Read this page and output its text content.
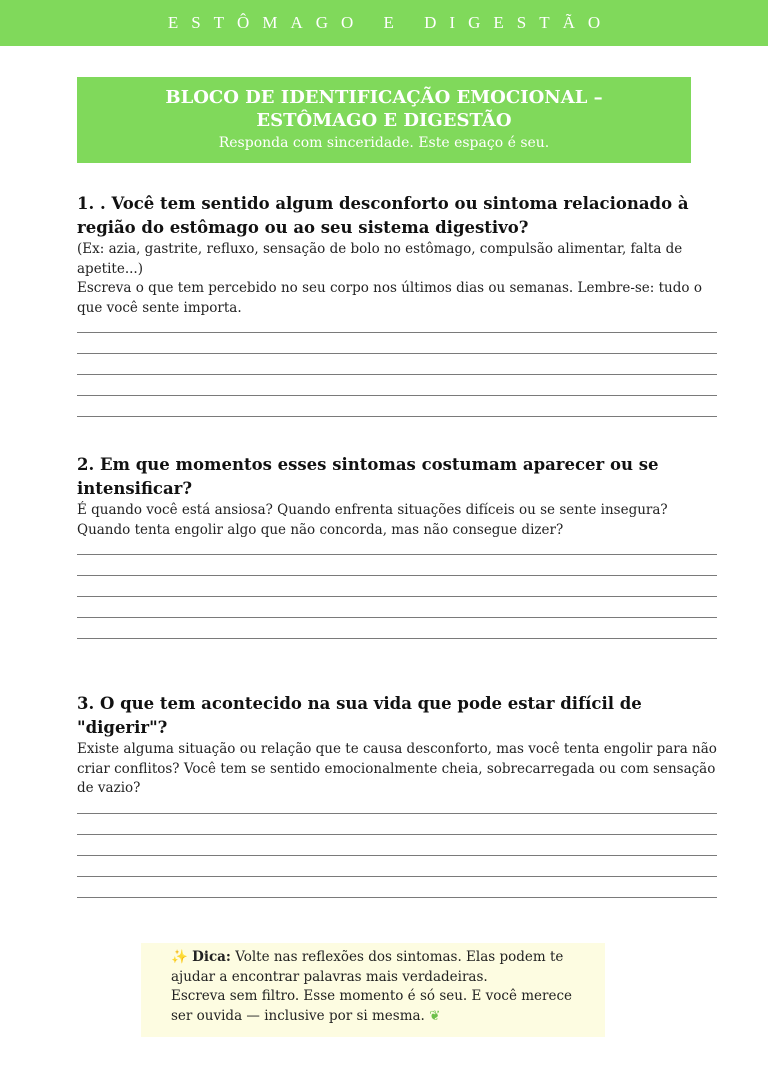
ESTÔMAGO E DIGESTÃO
BLOCO DE IDENTIFICAÇÃO EMOCIONAL –
ESTÔMAGO E DIGESTÃO
Responda com sinceridade. Este espaço é seu.
1. . Você tem sentido algum desconforto ou sintoma relacionado à região do estômago ou ao seu sistema digestivo?
(Ex: azia, gastrite, refluxo, sensação de bolo no estômago, compulsão alimentar, falta de apetite...)
Escreva o que tem percebido no seu corpo nos últimos dias ou semanas. Lembre-se: tudo o que você sente importa.
2. Em que momentos esses sintomas costumam aparecer ou se intensificar?
É quando você está ansiosa? Quando enfrenta situações difíceis ou se sente insegura? Quando tenta engolir algo que não concorda, mas não consegue dizer?
3. O que tem acontecido na sua vida que pode estar difícil de "digerir"?
Existe alguma situação ou relação que te causa desconforto, mas você tenta engolir para não criar conflitos? Você tem se sentido emocionalmente cheia, sobrecarregada ou com sensação de vazio?
✨ Dica: Volte nas reflexões dos sintomas. Elas podem te ajudar a encontrar palavras mais verdadeiras.
Escreva sem filtro. Esse momento é só seu. E você merece ser ouvida — inclusive por si mesma. ❦
